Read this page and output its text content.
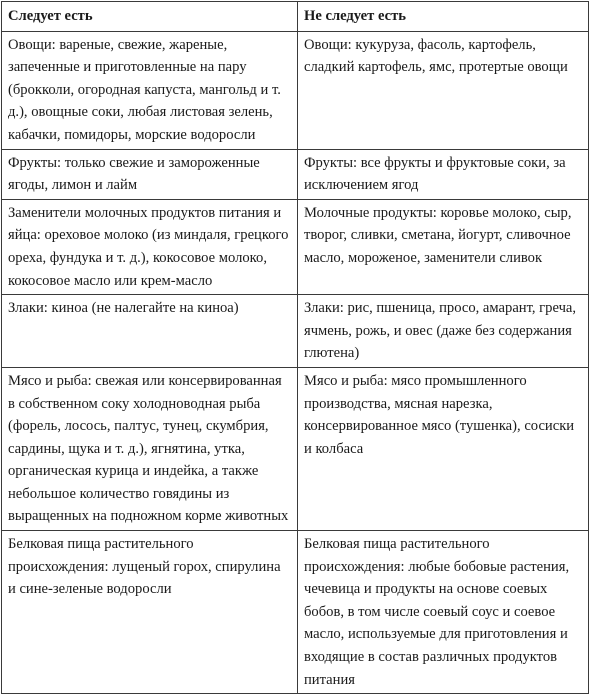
Следует есть	Не следует есть
Овощи: вареные, свежие, жареные, запеченные и приготовленные на пару (брокколи, огородная капуста, мангольд и т. д.), овощные соки, любая листовая зелень, кабачки, помидоры, морские водоросли	Овощи: кукуруза, фасоль, картофель, сладкий картофель, ямс, протертые овощи
Фрукты: только свежие и замороженные ягоды, лимон и лайм	Фрукты: все фрукты и фруктовые соки, за исключением ягод
Заменители молочных продуктов питания и яйца: ореховое молоко (из миндаля, грецкого ореха, фундука и т. д.), кокосовое молоко, кокосовое масло или крем-масло	Молочные продукты: коровье молоко, сыр, творог, сливки, сметана, йогурт, сливочное масло, мороженое, заменители сливок
Злаки: киноа (не налегайте на киноа)	Злаки: рис, пшеница, просо, амарант, греча, ячмень, рожь, и овес (даже без содержания глютена)
Мясо и рыба: свежая или консервированная в собственном соку холодноводная рыба (форель, лосось, палтус, тунец, скумбрия, сардины, щука и т. д.), ягнятина, утка, органическая курица и индейка, а также небольшое количество говядины из выращенных на подножном корме животных	Мясо и рыба: мясо промышленного производства, мясная нарезка, консервированное мясо (тушенка), сосиски и колбаса
Белковая пища растительного происхождения: лущеный горох, спирулина и сине-зеленые водоросли	Белковая пища растительного происхождения: любые бобовые растения, чечевица и продукты на основе соевых бобов, в том числе соевый соус и соевое масло, используемые для приготовления и входящие в состав различных продуктов питания
